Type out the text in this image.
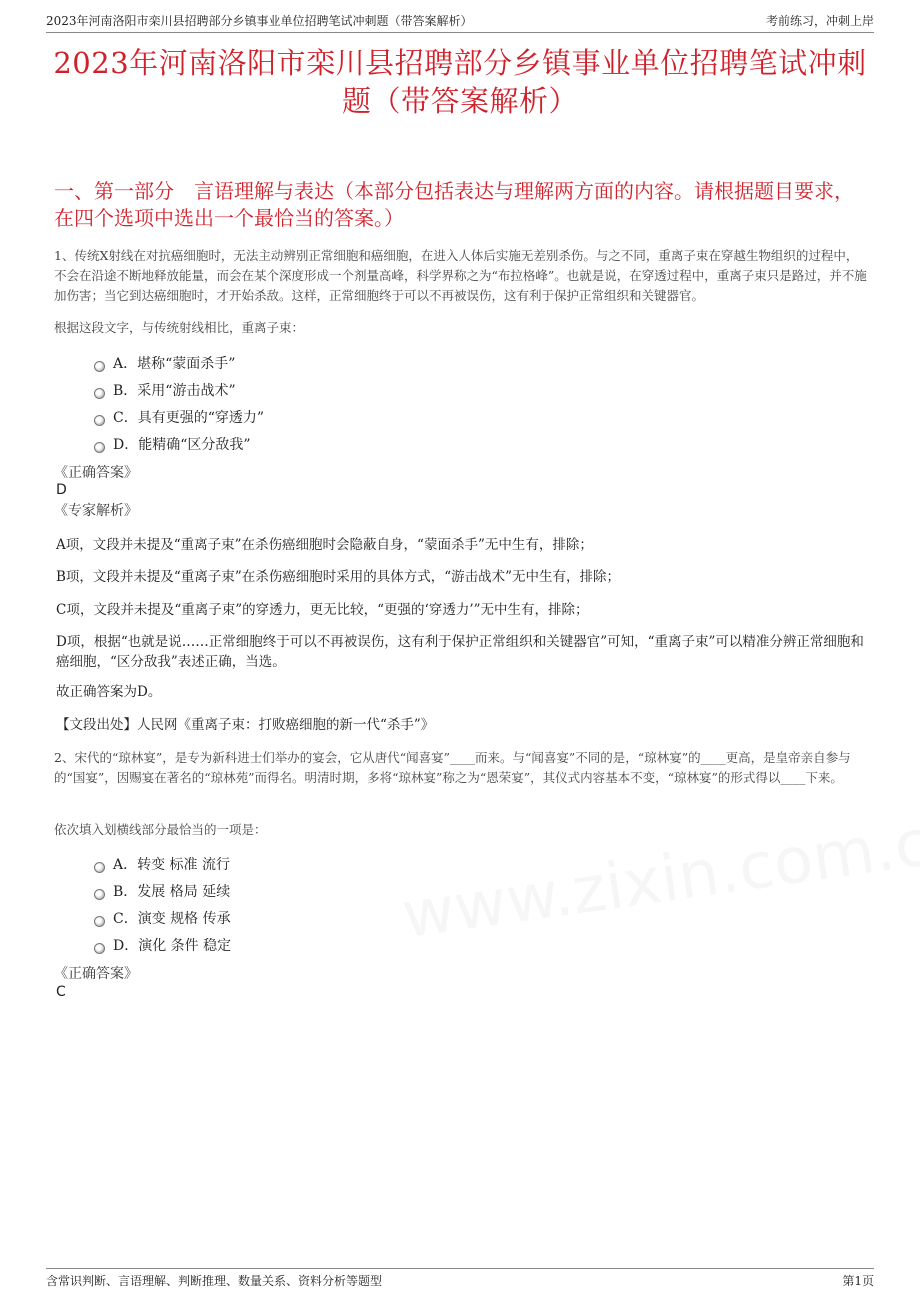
2023年河南洛阳市栾川县招聘部分乡镇事业单位招聘笔试冲刺题（带答案解析）	考前练习，冲刺上岸
2023年河南洛阳市栾川县招聘部分乡镇事业单位招聘笔试冲刺题（带答案解析）
一、第一部分　言语理解与表达（本部分包括表达与理解两方面的内容。请根据题目要求，在四个选项中选出一个最恰当的答案。）
1、传统X射线在对抗癌细胞时，无法主动辨别正常细胞和癌细胞，在进入人体后实施无差别杀伤。与之不同，重离子束在穿越生物组织的过程中，不会在沿途不断地释放能量，而会在某个深度形成一个剂量高峰，科学界称之为“布拉格峰”。也就是说，在穿透过程中，重离子束只是路过，并不施加伤害；当它到达癌细胞时，才开始杀敌。这样，正常细胞终于可以不再被误伤，这有利于保护正常组织和关键器官。
根据这段文字，与传统射线相比，重离子束：
A．堪称“蒙面杀手”
B．采用“游击战术”
C．具有更强的“穿透力”
D．能精确“区分敌我”
《正确答案》
D
《专家解析》
A项，文段并未提及“重离子束”在杀伤癌细胞时会隐蔽自身，“蒙面杀手”无中生有，排除；
B项，文段并未提及“重离子束”在杀伤癌细胞时采用的具体方式，“游击战术”无中生有，排除；
C项，文段并未提及“重离子束”的穿透力，更无比较，“更强的‘穿透力’”无中生有，排除；
D项，根据“也就是说……正常细胞终于可以不再被误伤，这有利于保护正常组织和关键器官”可知，“重离子束”可以精准分辨正常细胞和癌细胞，“区分敌我”表述正确，当选。
故正确答案为D。
【文段出处】人民网《重离子束：打败癌细胞的新一代“杀手”》
2、宋代的“琼林宴”，是专为新科进士们举办的宴会，它从唐代“闻喜宴”____而来。与“闻喜宴”不同的是，“琼林宴”的____更高，是皇帝亲自参与的“国宴”，因赐宴在著名的“琼林苑”而得名。明清时期，多将“琼林宴”称之为“恩荣宴”，其仪式内容基本不变，“琼林宴”的形式得以____下来。
依次填入划横线部分最恰当的一项是：
A．转变 标准 流行
B．发展 格局 延续
C．演变 规格 传承
D．演化 条件 稳定
《正确答案》
C
含常识判断、言语理解、判断推理、数量关系、资料分析等题型	第1页
